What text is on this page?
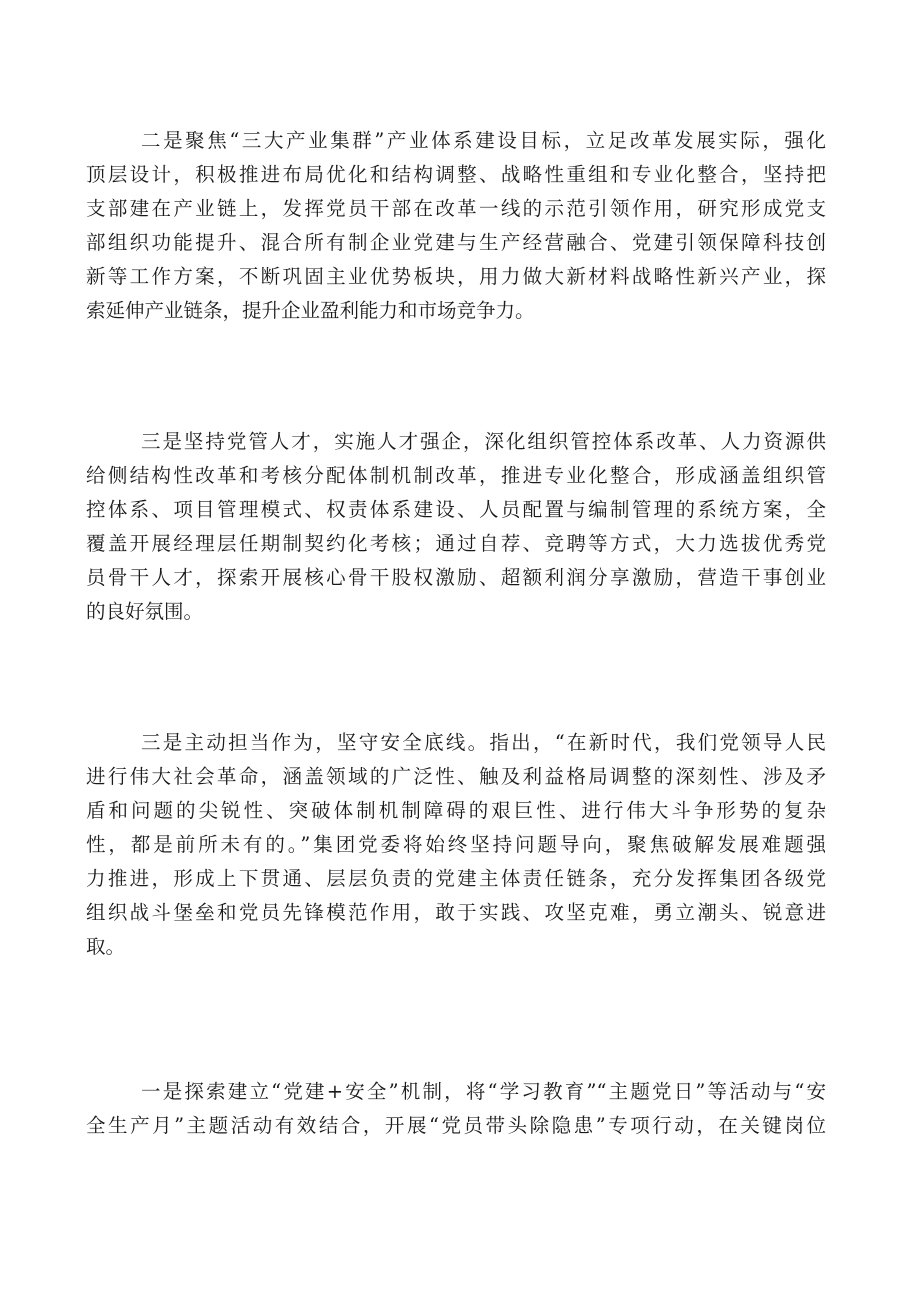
二是聚焦“三大产业集群”产业体系建设目标，立足改革发展实际，强化
顶层设计，积极推进布局优化和结构调整、战略性重组和专业化整合，坚持把
支部建在产业链上，发挥党员干部在改革一线的示范引领作用，研究形成党支
部组织功能提升、混合所有制企业党建与生产经营融合、党建引领保障科技创
新等工作方案，不断巩固主业优势板块，用力做大新材料战略性新兴产业，探
索延伸产业链条，提升企业盈利能力和市场竞争力。
三是坚持党管人才，实施人才强企，深化组织管控体系改革、人力资源供
给侧结构性改革和考核分配体制机制改革，推进专业化整合，形成涵盖组织管
控体系、项目管理模式、权责体系建设、人员配置与编制管理的系统方案，全
覆盖开展经理层任期制契约化考核；通过自荐、竞聘等方式，大力选拔优秀党
员骨干人才，探索开展核心骨干股权激励、超额利润分享激励，营造干事创业
的良好氛围。
三是主动担当作为，坚守安全底线。指出，“在新时代，我们党领导人民
进行伟大社会革命，涵盖领域的广泛性、触及利益格局调整的深刻性、涉及矛
盾和问题的尖锐性、突破体制机制障碍的艰巨性、进行伟大斗争形势的复杂
性，都是前所未有的。”集团党委将始终坚持问题导向，聚焦破解发展难题强
力推进，形成上下贯通、层层负责的党建主体责任链条，充分发挥集团各级党
组织战斗堡垒和党员先锋模范作用，敢于实践、攻坚克难，勇立潮头、锐意进
取。
一是探索建立“党建+安全”机制，将“学习教育”“主题党日”等活动与“安
全生产月”主题活动有效结合，开展“党员带头除隐患”专项行动，在关键岗位
